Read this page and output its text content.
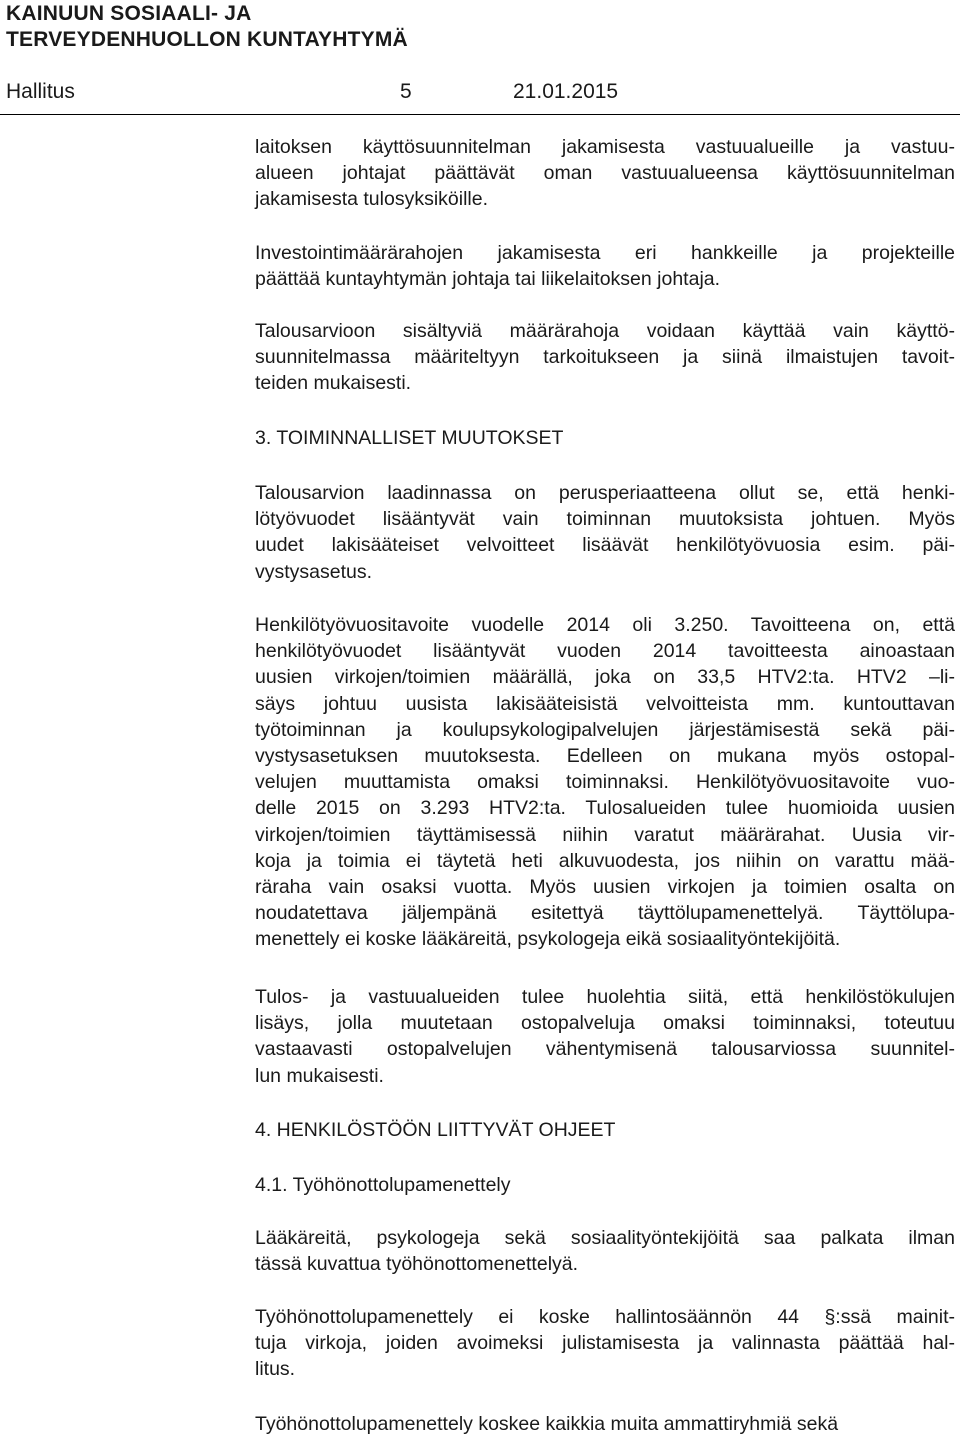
KAINUUN SOSIAALI- JA
TERVEYDENHUOLLON KUNTAYHTYMÄ
Hallitus	5	21.01.2015
laitoksen käyttösuunnitelman jakamisesta vastuualueille ja vastuu-
alueen johtajat päättävät oman vastuualueensa käyttösuunnitelman
jakamisesta tulosyksiköille.
Investointimäärärahojen jakamisesta eri hankkeille ja projekteille
päättää kuntayhtymän johtaja tai liikelaitoksen johtaja.
Talousarvioon sisältyviä määrärahoja voidaan käyttää vain käyttö-
suunnitelmassa määriteltyyn tarkoitukseen ja siinä ilmaistujen tavoit-
teiden mukaisesti.
3. TOIMINNALLISET MUUTOKSET
Talousarvion laadinnassa on perusperiaatteena ollut se, että henki-
lötyövuodet lisääntyvät vain toiminnan muutoksista johtuen. Myös
uudet lakisääteiset velvoitteet lisäävät henkilötyövuosia esim. päi-
vystysasetus.
Henkilötyövuositavoite vuodelle 2014 oli 3.250. Tavoitteena on, että
henkilötyövuodet lisääntyvät vuoden 2014 tavoitteesta ainoastaan
uusien virkojen/toimien määrällä, joka on 33,5 HTV2:ta. HTV2 –li-
säys johtuu uusista lakisääteisistä velvoitteista mm. kuntouttavan
työtoiminnan ja koulupsykologipalvelujen järjestämisestä sekä päi-
vystysasetuksen muutoksesta. Edelleen on mukana myös ostopal-
velujen muuttamista omaksi toiminnaksi. Henkilötyövuositavoite vuo-
delle 2015 on 3.293 HTV2:ta. Tulosalueiden tulee huomioida uusien
virkojen/toimien täyttämisessä niihin varatut määrärahat. Uusia vir-
koja ja toimia ei täytetä heti alkuvuodesta, jos niihin on varattu mää-
räraha vain osaksi vuotta. Myös uusien virkojen ja toimien osalta on
noudatettava jäljempänä esitettyä täyttölupamenettelyä. Täyttölupa-
menettely ei koske lääkäreitä, psykologeja eikä sosiaalityöntekijöitä.
Tulos- ja vastuualueiden tulee huolehtia siitä, että henkilöstökulujen
lisäys, jolla muutetaan ostopalveluja omaksi toiminnaksi, toteutuu
vastaavasti ostopalvelujen vähentymisenä talousarviossa suunnitel-
lun mukaisesti.
4. HENKILÖSTÖÖN LIITTYVÄT OHJEET
4.1. Työhönottolupamenettely
Lääkäreitä, psykologeja sekä sosiaalityöntekijöitä saa palkata ilman
tässä kuvattua työhönottomenettelyä.
Työhönottolupamenettely ei koske hallintosäännön 44 §:ssä mainit-
tuja virkoja, joiden avoimeksi julistamisesta ja valinnasta päättää hal-
litus.
Työhönottolupamenettely koskee kaikkia muita ammattiryhmiä sekä
